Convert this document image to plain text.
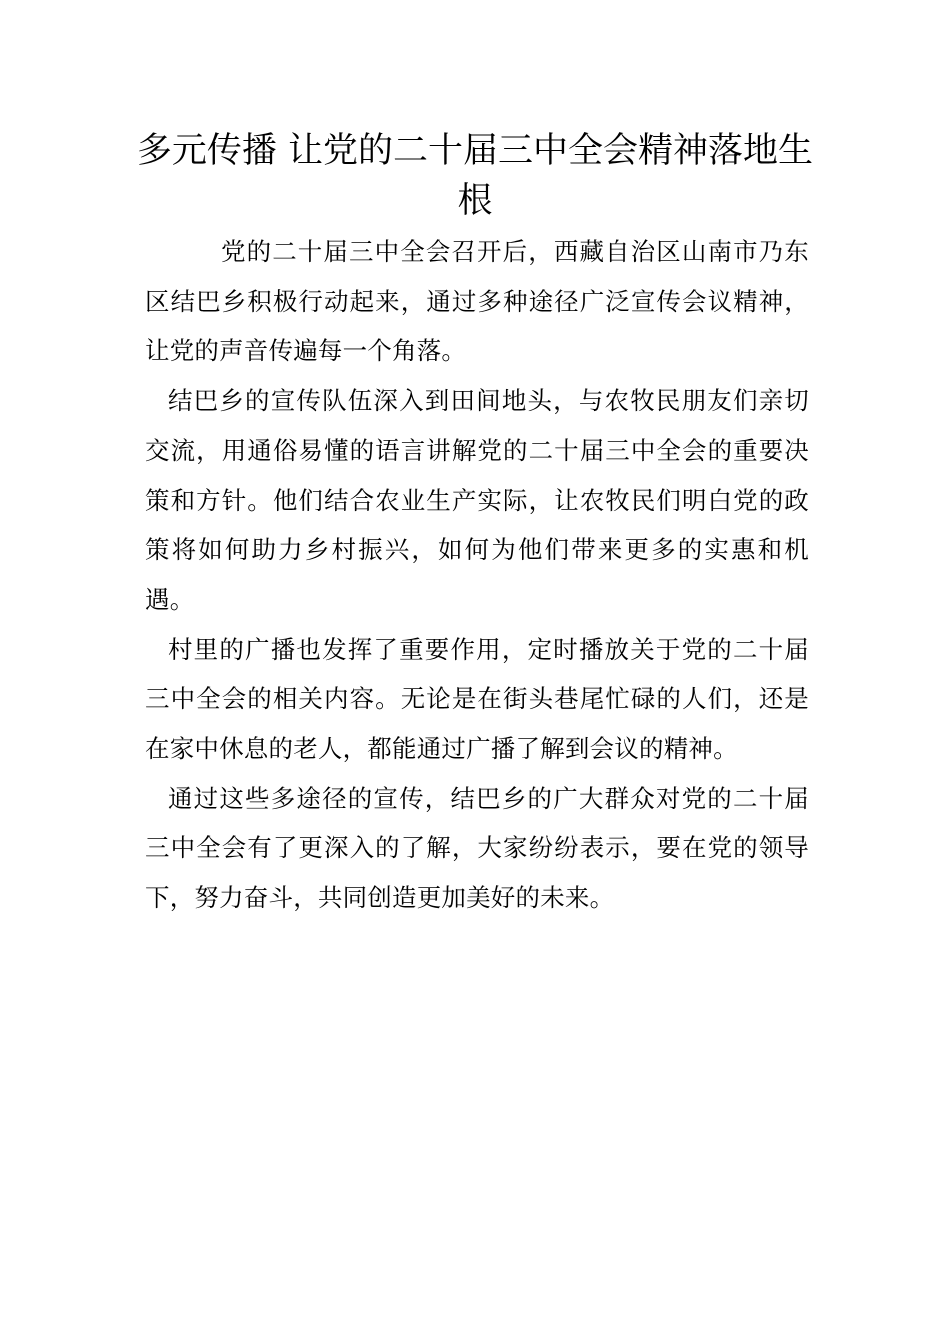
多元传播 让党的二十届三中全会精神落地生根

党的二十届三中全会召开后，西藏自治区山南市乃东区结巴乡积极行动起来，通过多种途径广泛宣传会议精神，让党的声音传遍每一个角落。

结巴乡的宣传队伍深入到田间地头，与农牧民朋友们亲切交流，用通俗易懂的语言讲解党的二十届三中全会的重要决策和方针。他们结合农业生产实际，让农牧民们明白党的政策将如何助力乡村振兴，如何为他们带来更多的实惠和机遇。

村里的广播也发挥了重要作用，定时播放关于党的二十届三中全会的相关内容。无论是在街头巷尾忙碌的人们，还是在家中休息的老人，都能通过广播了解到会议的精神。

通过这些多途径的宣传，结巴乡的广大群众对党的二十届三中全会有了更深入的了解，大家纷纷表示，要在党的领导下，努力奋斗，共同创造更加美好的未来。
